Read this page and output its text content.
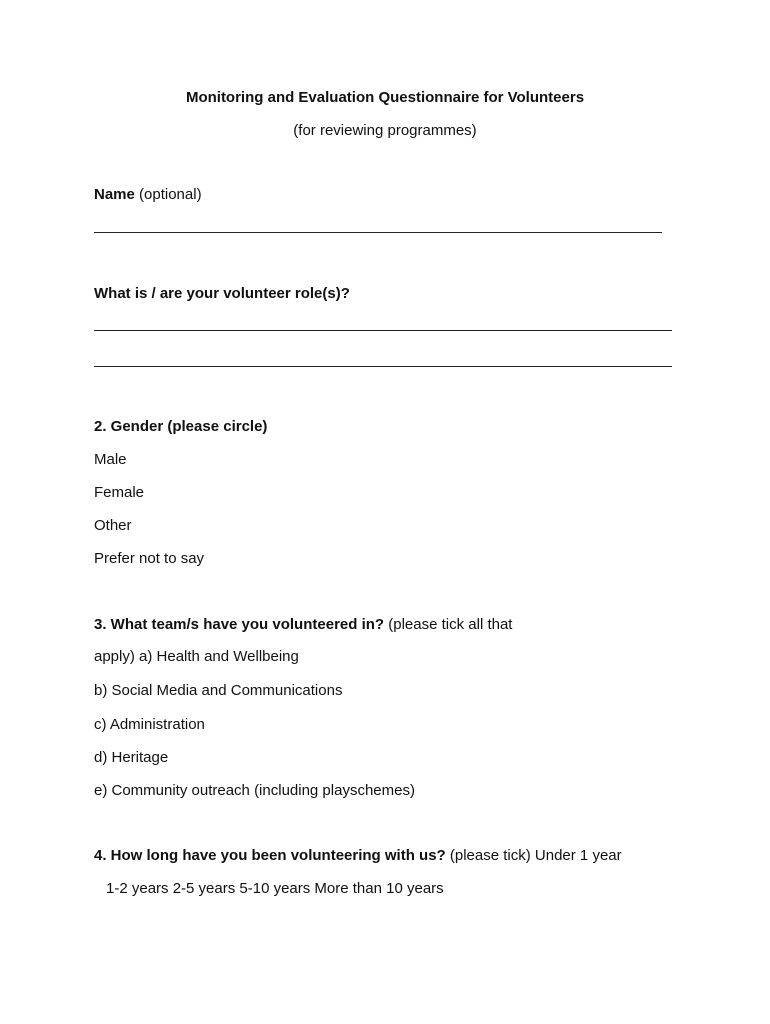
Monitoring and Evaluation Questionnaire for Volunteers
(for reviewing programmes)
Name (optional)
What is / are your volunteer role(s)?
2. Gender (please circle)
Male
Female
Other
Prefer not to say
3. What team/s have you volunteered in? (please tick all that
apply) a) Health and Wellbeing
b) Social Media and Communications
c) Administration
d) Heritage
e) Community outreach (including playschemes)
4. How long have you been volunteering with us? (please tick) Under 1 year
1-2 years 2-5 years 5-10 years More than 10 years
